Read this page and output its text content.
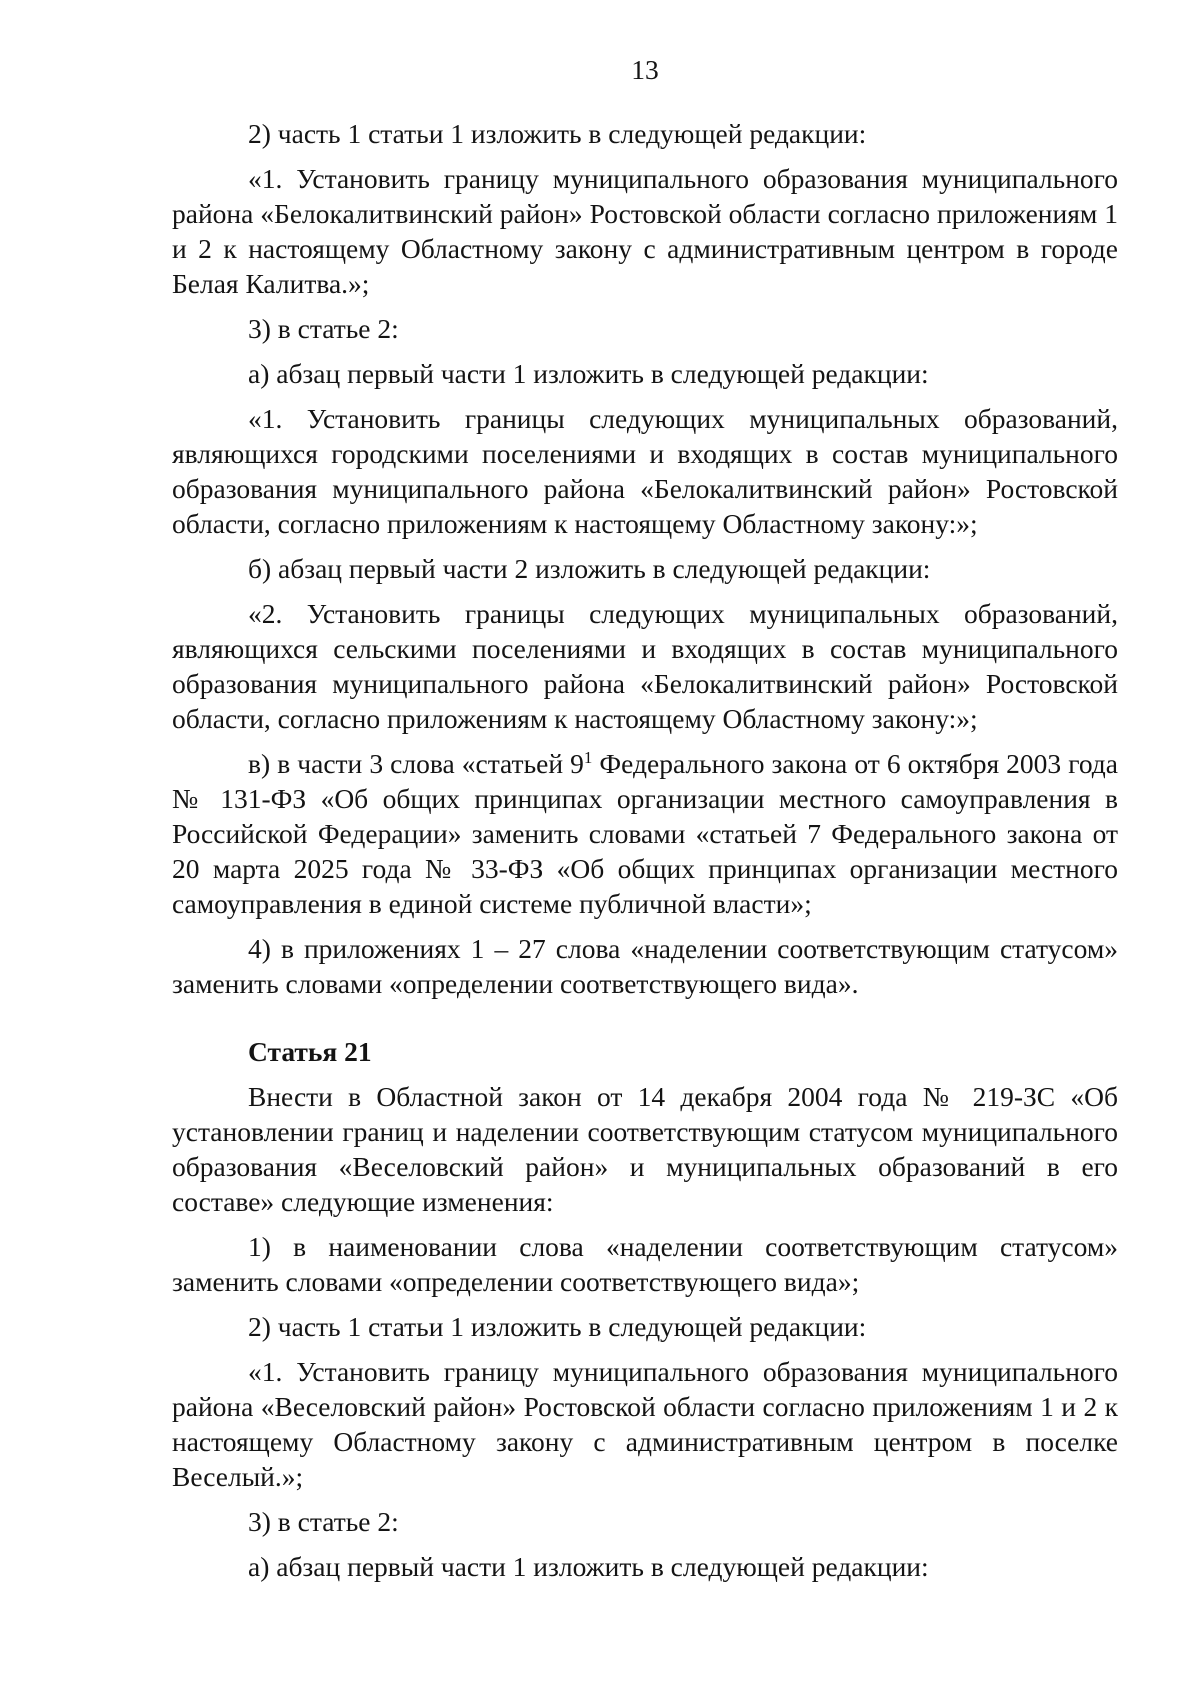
13

2) часть 1 статьи 1 изложить в следующей редакции:

«1. Установить границу муниципального образования муниципального района «Белокалитвинский район» Ростовской области согласно приложениям 1 и 2 к настоящему Областному закону с административным центром в городе Белая Калитва.»;

3) в статье 2:

а) абзац первый части 1 изложить в следующей редакции:

«1. Установить границы следующих муниципальных образований, являющихся городскими поселениями и входящих в состав муниципального образования муниципального района «Белокалитвинский район» Ростовской области, согласно приложениям к настоящему Областному закону:»;

б) абзац первый части 2 изложить в следующей редакции:

«2. Установить границы следующих муниципальных образований, являющихся сельскими поселениями и входящих в состав муниципального образования муниципального района «Белокалитвинский район» Ростовской области, согласно приложениям к настоящему Областному закону:»;

в) в части 3 слова «статьей $9^1$ Федерального закона от 6 октября 2003 года № 131-ФЗ «Об общих принципах организации местного самоуправления в Российской Федерации» заменить словами «статьей 7 Федерального закона от 20 марта 2025 года № 33-ФЗ «Об общих принципах организации местного самоуправления в единой системе публичной власти»;

4) в приложениях 1 – 27 слова «наделении соответствующим статусом» заменить словами «определении соответствующего вида».

Статья 21

Внести в Областной закон от 14 декабря 2004 года № 219-ЗС «Об установлении границ и наделении соответствующим статусом муниципального образования «Веселовский район» и муниципальных образований в его составе» следующие изменения:

1) в наименовании слова «наделении соответствующим статусом» заменить словами «определении соответствующего вида»;

2) часть 1 статьи 1 изложить в следующей редакции:

«1. Установить границу муниципального образования муниципального района «Веселовский район» Ростовской области согласно приложениям 1 и 2 к настоящему Областному закону с административным центром в поселке Веселый.»;

3) в статье 2:

а) абзац первый части 1 изложить в следующей редакции:
